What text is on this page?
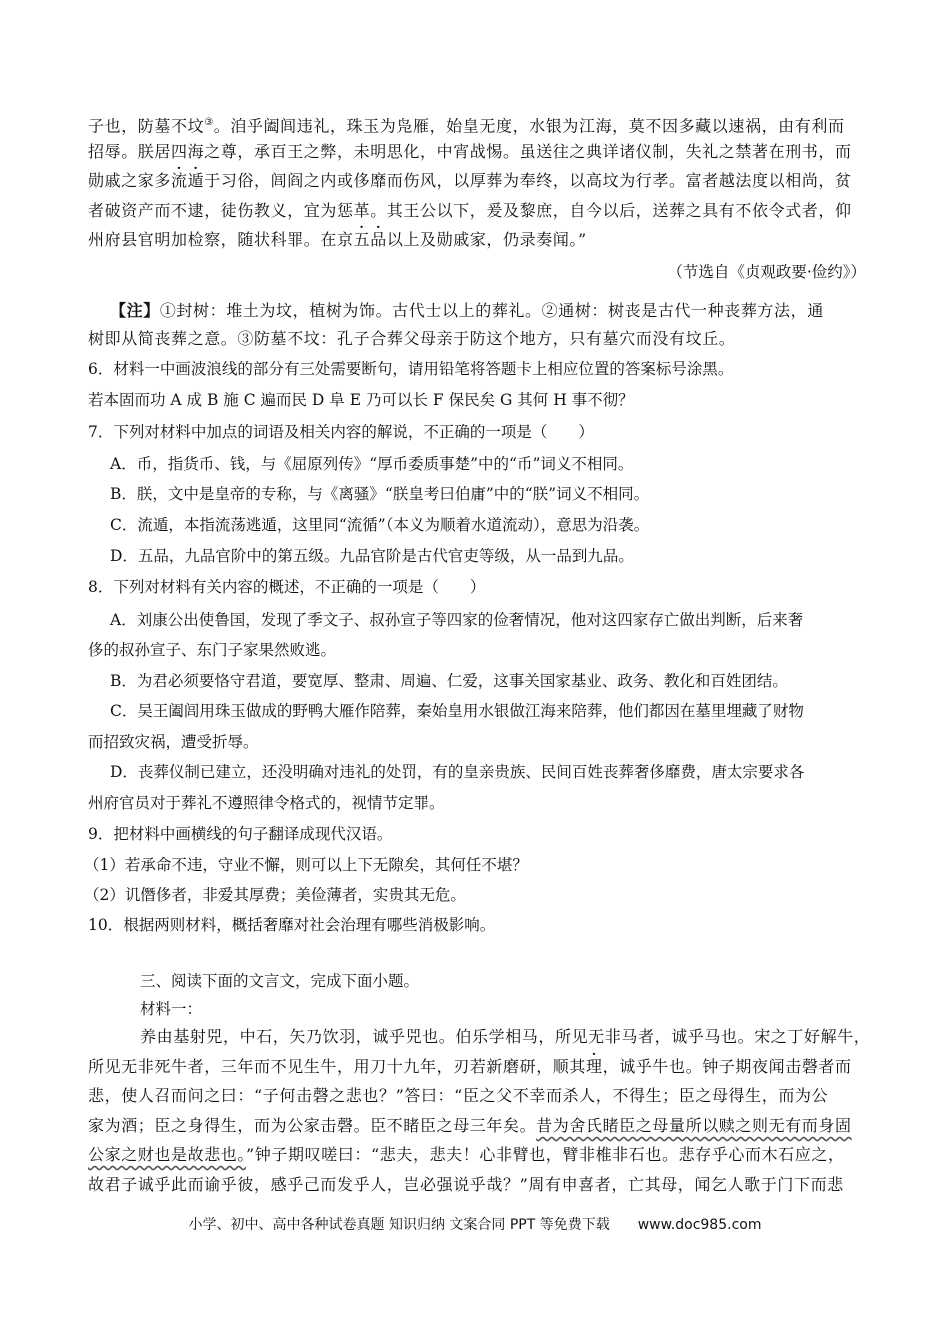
子也，防墓不坟③。洎乎阖闾违礼，珠玉为凫雁，始皇无度，水银为江海，莫不因多藏以速祸，由有利而
招辱。朕居四海之尊，承百王之弊，未明思化，中宵战惕。虽送往之典详诸仪制，失礼之禁著在刑书，而
勋戚之家多流遁于习俗，闾阎之内或侈靡而伤风，以厚葬为奉终，以高坟为行孝。富者越法度以相尚，贫
者破资产而不逮，徒伤教义，宜为惩革。其王公以下，爰及黎庶，自今以后，送葬之具有不依令式者，仰
州府县官明加检察，随状科罪。在京五品以上及勋戚家，仍录奏闻。”
（节选自《贞观政要·俭约》）
【注】①封树：堆土为坟，植树为饰。古代士以上的葬礼。②通树：树丧是古代一种丧葬方法，通
树即从简丧葬之意。③防墓不坟：孔子合葬父母亲于防这个地方，只有墓穴而没有坟丘。
6．材料一中画波浪线的部分有三处需要断句，请用铅笔将答题卡上相应位置的答案标号涂黑。
若本固而功 A 成 B 施 C 遍而民 D 阜 E 乃可以长 F 保民矣 G 其何 H 事不彻？
7．下列对材料中加点的词语及相关内容的解说，不正确的一项是（　　）
A．币，指货币、钱，与《屈原列传》“厚币委质事楚”中的“币”词义不相同。
B．朕，文中是皇帝的专称，与《离骚》“朕皇考曰伯庸”中的“朕”词义不相同。
C．流遁，本指流荡逃遁，这里同“流循”（本义为顺着水道流动），意思为沿袭。
D．五品，九品官阶中的第五级。九品官阶是古代官吏等级，从一品到九品。
8．下列对材料有关内容的概述，不正确的一项是（　　）
A．刘康公出使鲁国，发现了季文子、叔孙宣子等四家的俭奢情况，他对这四家存亡做出判断，后来奢
侈的叔孙宣子、东门子家果然败逃。
B．为君必须要恪守君道，要宽厚、整肃、周遍、仁爱，这事关国家基业、政务、教化和百姓团结。
C．吴王阖闾用珠玉做成的野鸭大雁作陪葬，秦始皇用水银做江海来陪葬，他们都因在墓里埋藏了财物
而招致灾祸，遭受折辱。
D．丧葬仪制已建立，还没明确对违礼的处罚，有的皇亲贵族、民间百姓丧葬奢侈靡费，唐太宗要求各
州府官员对于葬礼不遵照律令格式的，视情节定罪。
9．把材料中画横线的句子翻译成现代汉语。
（1）若承命不违，守业不懈，则可以上下无隙矣，其何任不堪？
（2）讥僭侈者，非爱其厚费；美俭薄者，实贵其无危。
10．根据两则材料，概括奢靡对社会治理有哪些消极影响。
三、阅读下面的文言文，完成下面小题。
材料一：
养由基射兕，中石，矢乃饮羽，诚乎兕也。伯乐学相马，所见无非马者，诚乎马也。宋之丁好解牛，
所见无非死牛者，三年而不见生牛，用刀十九年，刃若新磨研，顺其理，诚乎牛也。钟子期夜闻击磬者而
悲，使人召而问之曰：“子何击磬之悲也？”答曰：“臣之父不幸而杀人，不得生；臣之母得生，而为公
家为酒；臣之身得生，而为公家击磬。臣不睹臣之母三年矣。昔为舍氏睹臣之母量所以赎之则无有而身固
公家之财也是故悲也。”钟子期叹嗟曰：“悲夫，悲夫！心非臂也，臂非椎非石也。悲存乎心而木石应之，
故君子诚乎此而谕乎彼，感乎己而发乎人，岂必强说乎哉？”周有申喜者，亡其母，闻乞人歌于门下而悲
小学、初中、高中各种试卷真题 知识归纳 文案合同 PPT 等免费下载　　www.doc985.com
